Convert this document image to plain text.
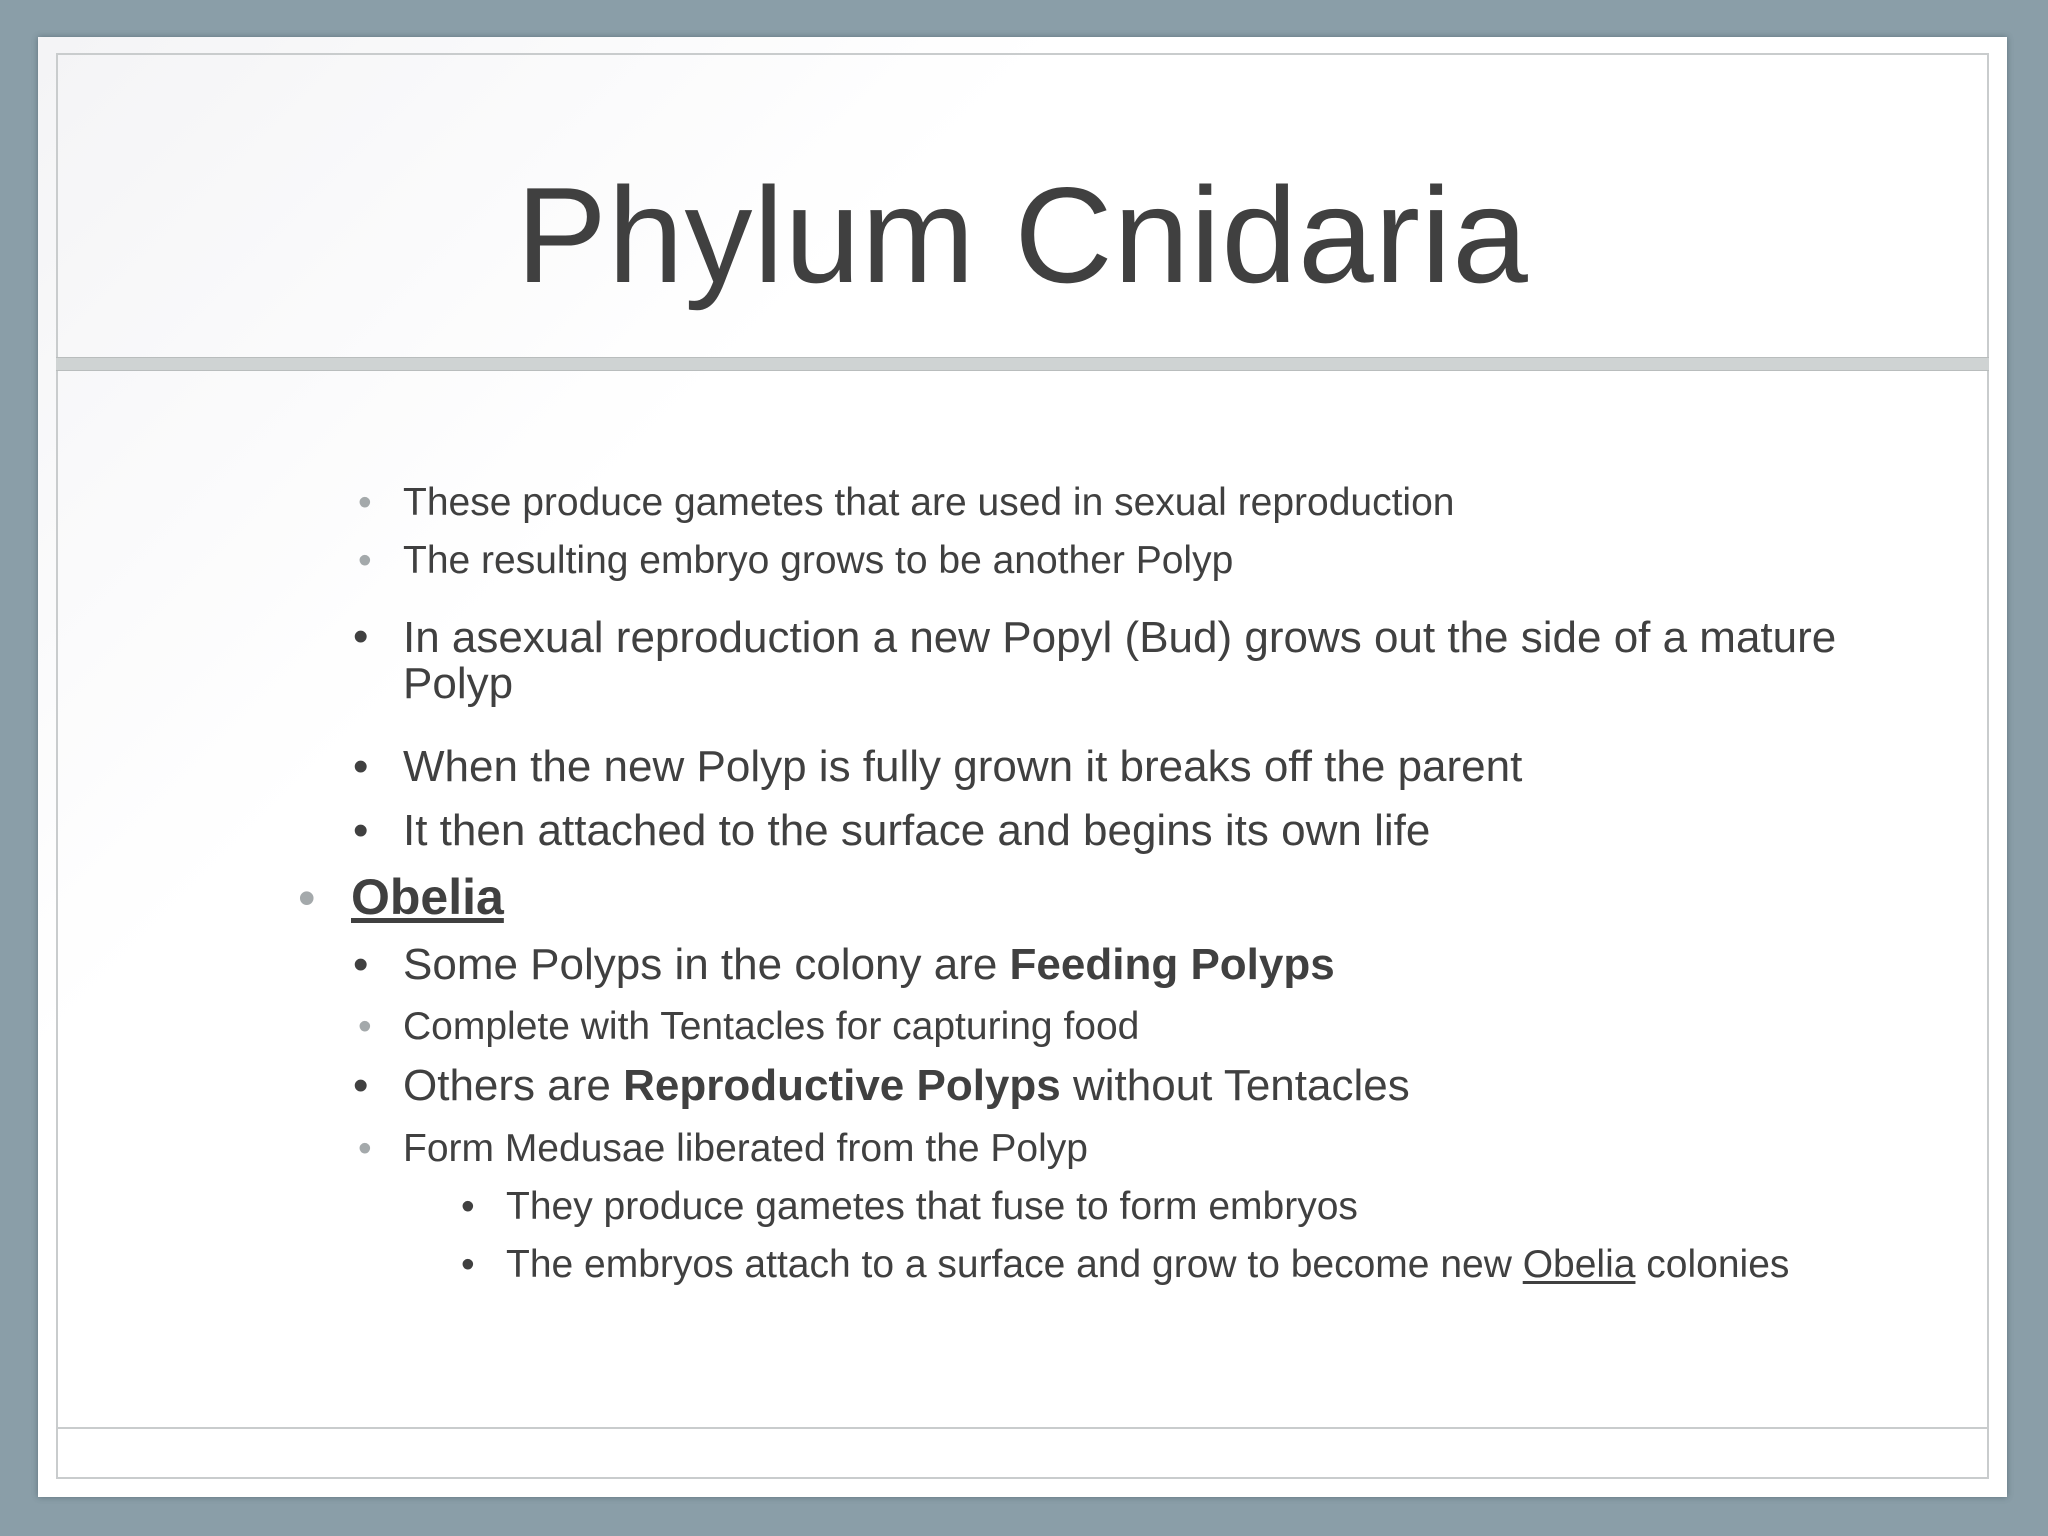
Phylum Cnidaria
• These produce gametes that are used in sexual reproduction
• The resulting embryo grows to be another Polyp
• In asexual reproduction a new Popyl (Bud) grows out the side of a mature Polyp
• When the new Polyp is fully grown it breaks off the parent
• It then attached to the surface and begins its own life
• Obelia
• Some Polyps in the colony are Feeding Polyps
• Complete with Tentacles for capturing food
• Others are Reproductive Polyps without Tentacles
• Form Medusae liberated from the Polyp
• They produce gametes that fuse to form embryos
• The embryos attach to a surface and grow to become new Obelia colonies
